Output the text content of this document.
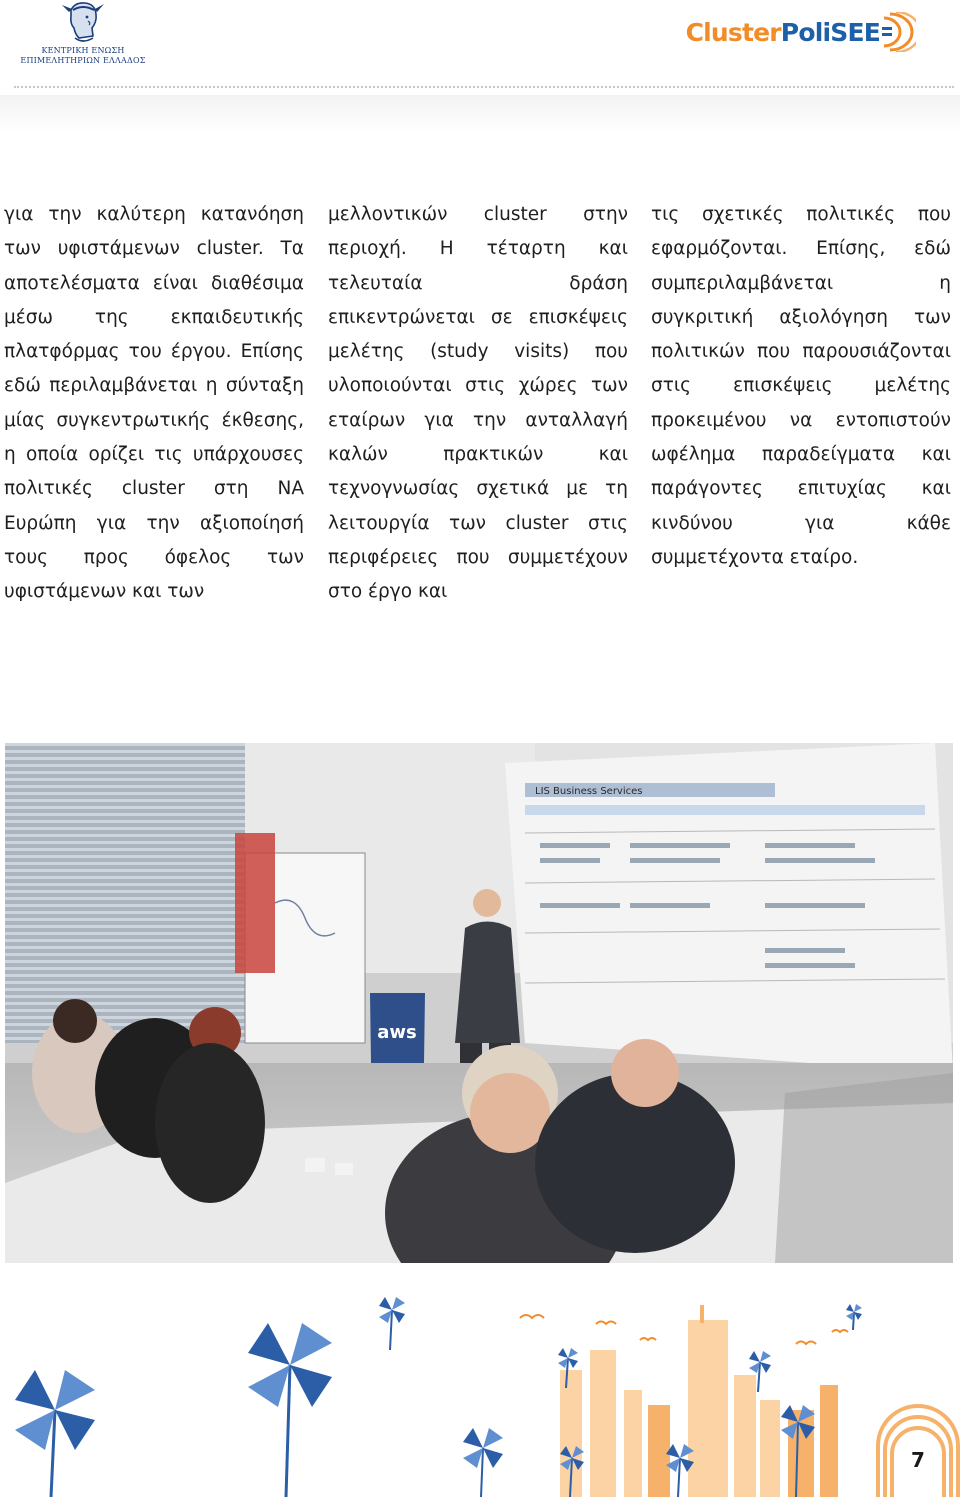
ΚΕΝΤΡΙΚΗ ΕΝΩΣΗ
ΕΠΙΜΕΛΗΤΗΡΙΩΝ ΕΛΛΑΔΟΣ
Cluster PoliSEE
για την καλύτερη κατανόηση των υφιστάμενων cluster. Τα αποτελέσματα είναι διαθέσιμα μέσω της εκπαιδευτικής πλατφόρμας του έργου. Επίσης εδώ περιλαμβάνεται η σύνταξη μίας συγκεντρωτικής έκθεσης, η οποία ορίζει τις υπάρχουσες πολιτικές cluster στη ΝΑ Ευρώπη για την αξιοποίησή τους προς όφελος των υφιστάμενων και των
μελλοντικών cluster στην περιοχή. Η τέταρτη και τελευταία δράση επικεντρώνεται σε επισκέψεις μελέτης (study visits) που υλοποιούνται στις χώρες των εταίρων για την ανταλλαγή καλών πρακτικών και τεχνογνωσίας σχετικά με τη λειτουργία των cluster στις περιφέρειες που συμμετέχουν στο έργο και
τις σχετικές πολιτικές που εφαρμόζονται. Επίσης, εδώ συμπεριλαμβάνεται η συγκριτική αξιολόγηση των πολιτικών που παρουσιάζονται στις επισκέψεις μελέτης προκειμένου να εντοπιστούν ωφέλημα παραδείγματα και παράγοντες επιτυχίας και κινδύνου για κάθε συμμετέχοντα εταίρο.
LIS Business Services
aws
7
